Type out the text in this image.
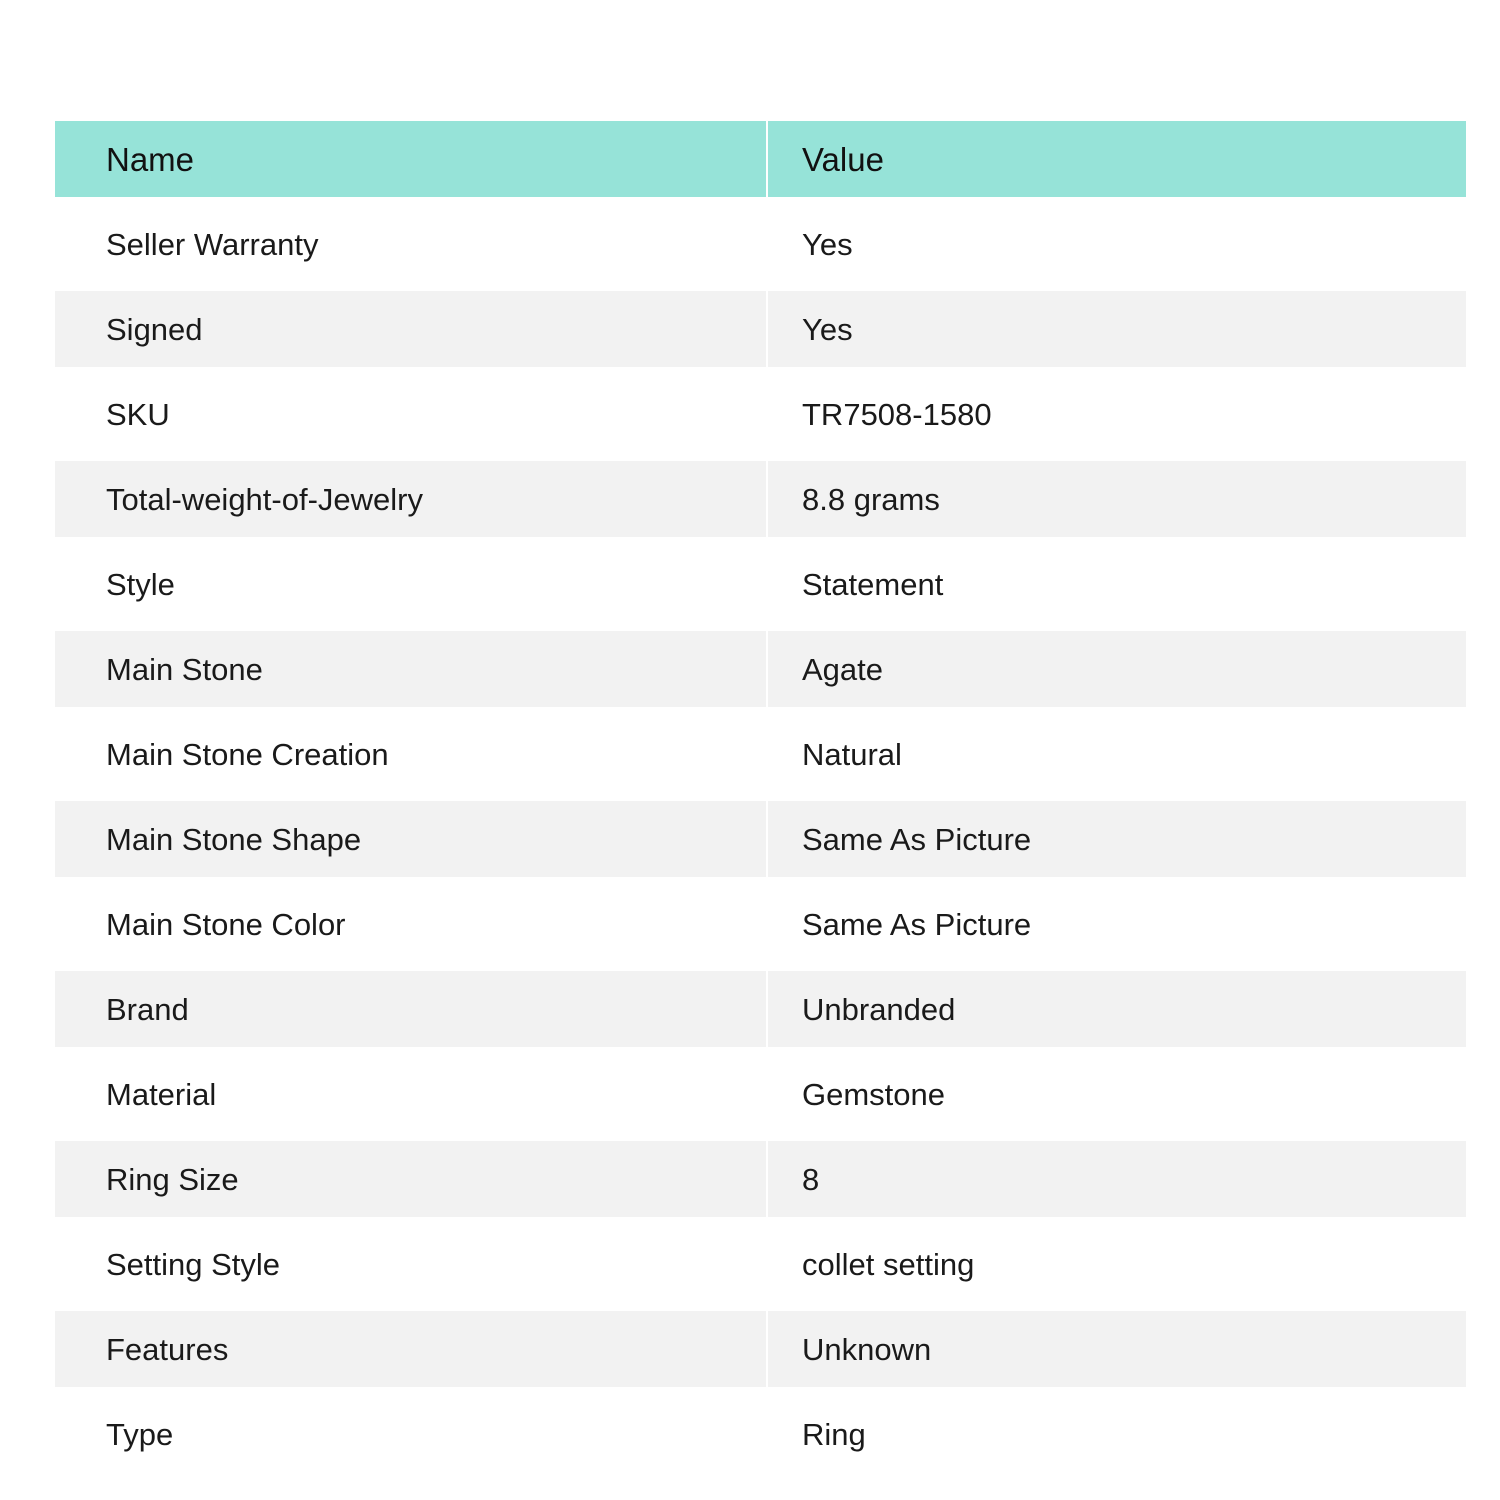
Name	Value
Seller Warranty	Yes
Signed	Yes
SKU	TR7508-1580
Total-weight-of-Jewelry	8.8 grams
Style	Statement
Main Stone	Agate
Main Stone Creation	Natural
Main Stone Shape	Same As Picture
Main Stone Color	Same As Picture
Brand	Unbranded
Material	Gemstone
Ring Size	8
Setting Style	collet setting
Features	Unknown
Type	Ring
